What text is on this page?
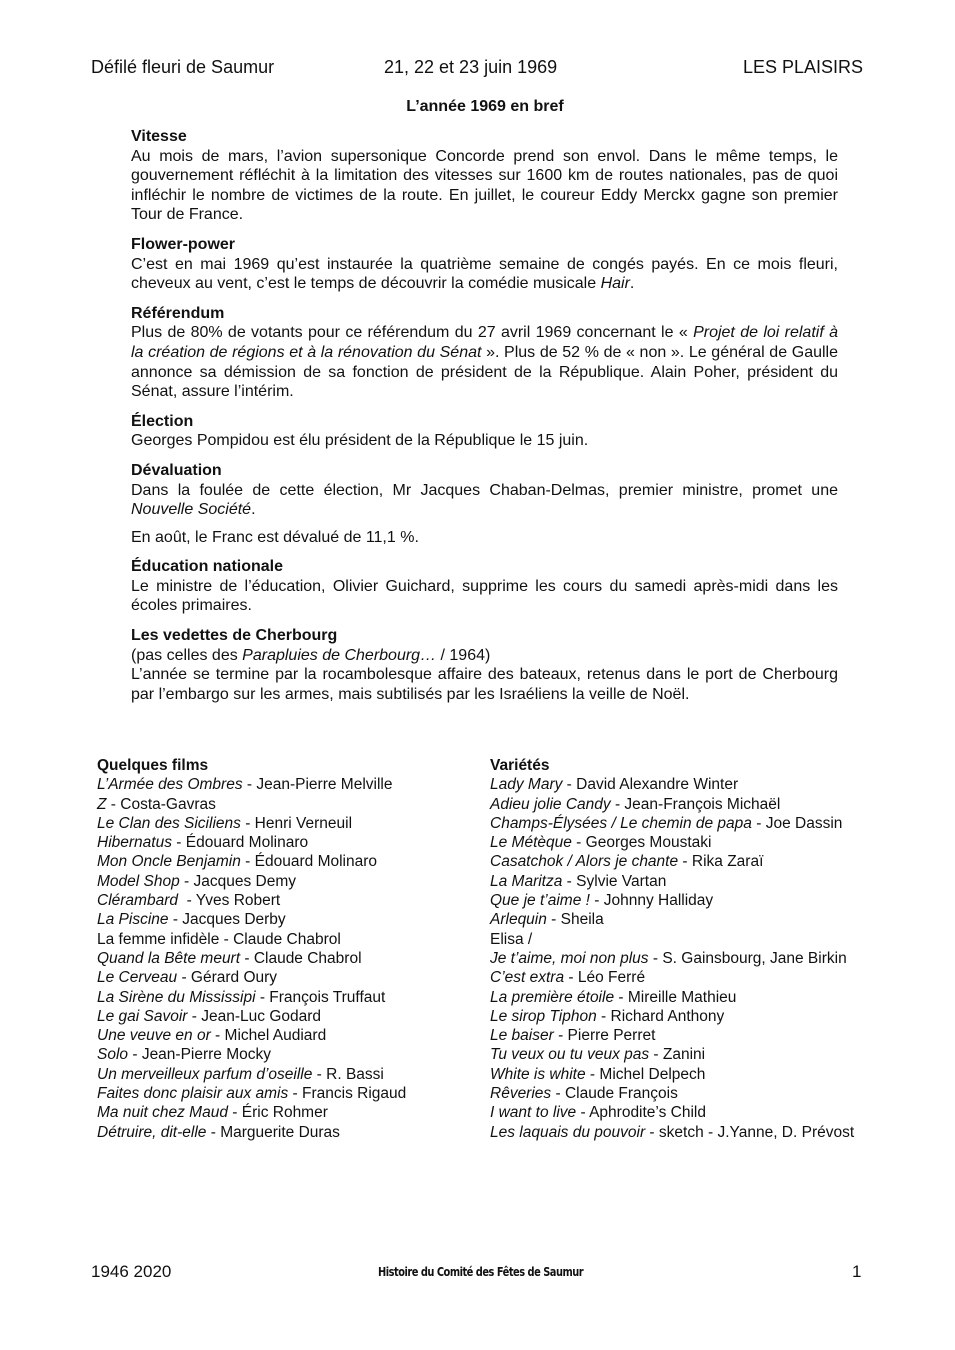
Défilé fleuri de Saumur	21, 22 et 23 juin 1969	LES PLAISIRS
L’année 1969 en bref
Vitesse

Au mois de mars, l’avion supersonique Concorde prend son envol. Dans le même temps, le gouvernement réfléchit à la limitation des vitesses sur 1600 km de routes nationales, pas de quoi infléchir le nombre de victimes de la route. En juillet, le coureur Eddy Merckx gagne son premier Tour de France.

Flower-power

C’est en mai 1969 qu’est instaurée la quatrième semaine de congés payés. En ce mois fleuri, cheveux au vent, c’est le temps de découvrir la comédie musicale Hair.

Référendum

Plus de 80% de votants pour ce référendum du 27 avril 1969 concernant le « Projet de loi relatif à la création de régions et à la rénovation du Sénat ». Plus de 52 % de « non ». Le général de Gaulle annonce sa démission de sa fonction de président de la République. Alain Poher, président du Sénat, assure l’intérim.

Élection

Georges Pompidou est élu président de la République le 15 juin.

Dévaluation

Dans la foulée de cette élection, Mr Jacques Chaban-Delmas, premier ministre, promet une Nouvelle Société.

En août, le Franc est dévalué de 11,1 %.

Éducation nationale

Le ministre de l’éducation, Olivier Guichard, supprime les cours du samedi après-midi dans les écoles primaires.

Les vedettes de Cherbourg

(pas celles des Parapluies de Cherbourg… / 1964)
L’année se termine par la rocambolesque affaire des bateaux, retenus dans le port de Cherbourg par l’embargo sur les armes, mais subtilisés par les Israéliens la veille de Noël.

Quelques films
L’Armée des Ombres - Jean-Pierre Melville
Z - Costa-Gavras
Le Clan des Siciliens - Henri Verneuil
Hibernatus - Édouard Molinaro
Mon Oncle Benjamin - Édouard Molinaro
Model Shop - Jacques Demy
Clérambard  - Yves Robert
La Piscine - Jacques Derby
La femme infidèle - Claude Chabrol
Quand la Bête meurt - Claude Chabrol
Le Cerveau - Gérard Oury
La Sirène du Mississipi - François Truffaut
Le gai Savoir - Jean-Luc Godard
Une veuve en or - Michel Audiard
Solo - Jean-Pierre Mocky
Un merveilleux parfum d’oseille - R. Bassi
Faites donc plaisir aux amis - Francis Rigaud
Ma nuit chez Maud - Éric Rohmer
Détruire, dit-elle - Marguerite Duras
Variétés
Lady Mary - David Alexandre Winter
Adieu jolie Candy - Jean-François Michaël
Champs-Élysées / Le chemin de papa - Joe Dassin
Le Métèque - Georges Moustaki
Casatchok / Alors je chante - Rika Zaraï
La Maritza - Sylvie Vartan
Que je t’aime ! - Johnny Halliday
Arlequin - Sheila
Elisa /
Je t’aime, moi non plus - S. Gainsbourg, Jane Birkin
C’est extra - Léo Ferré
La première étoile - Mireille Mathieu
Le sirop Tiphon - Richard Anthony
Le baiser - Pierre Perret
Tu veux ou tu veux pas - Zanini
White is white - Michel Delpech
Rêveries - Claude François
I want to live - Aphrodite’s Child
Les laquais du pouvoir - sketch - J.Yanne, D. Prévost
1946 2020	Histoire du Comité des Fêtes de Saumur	1
